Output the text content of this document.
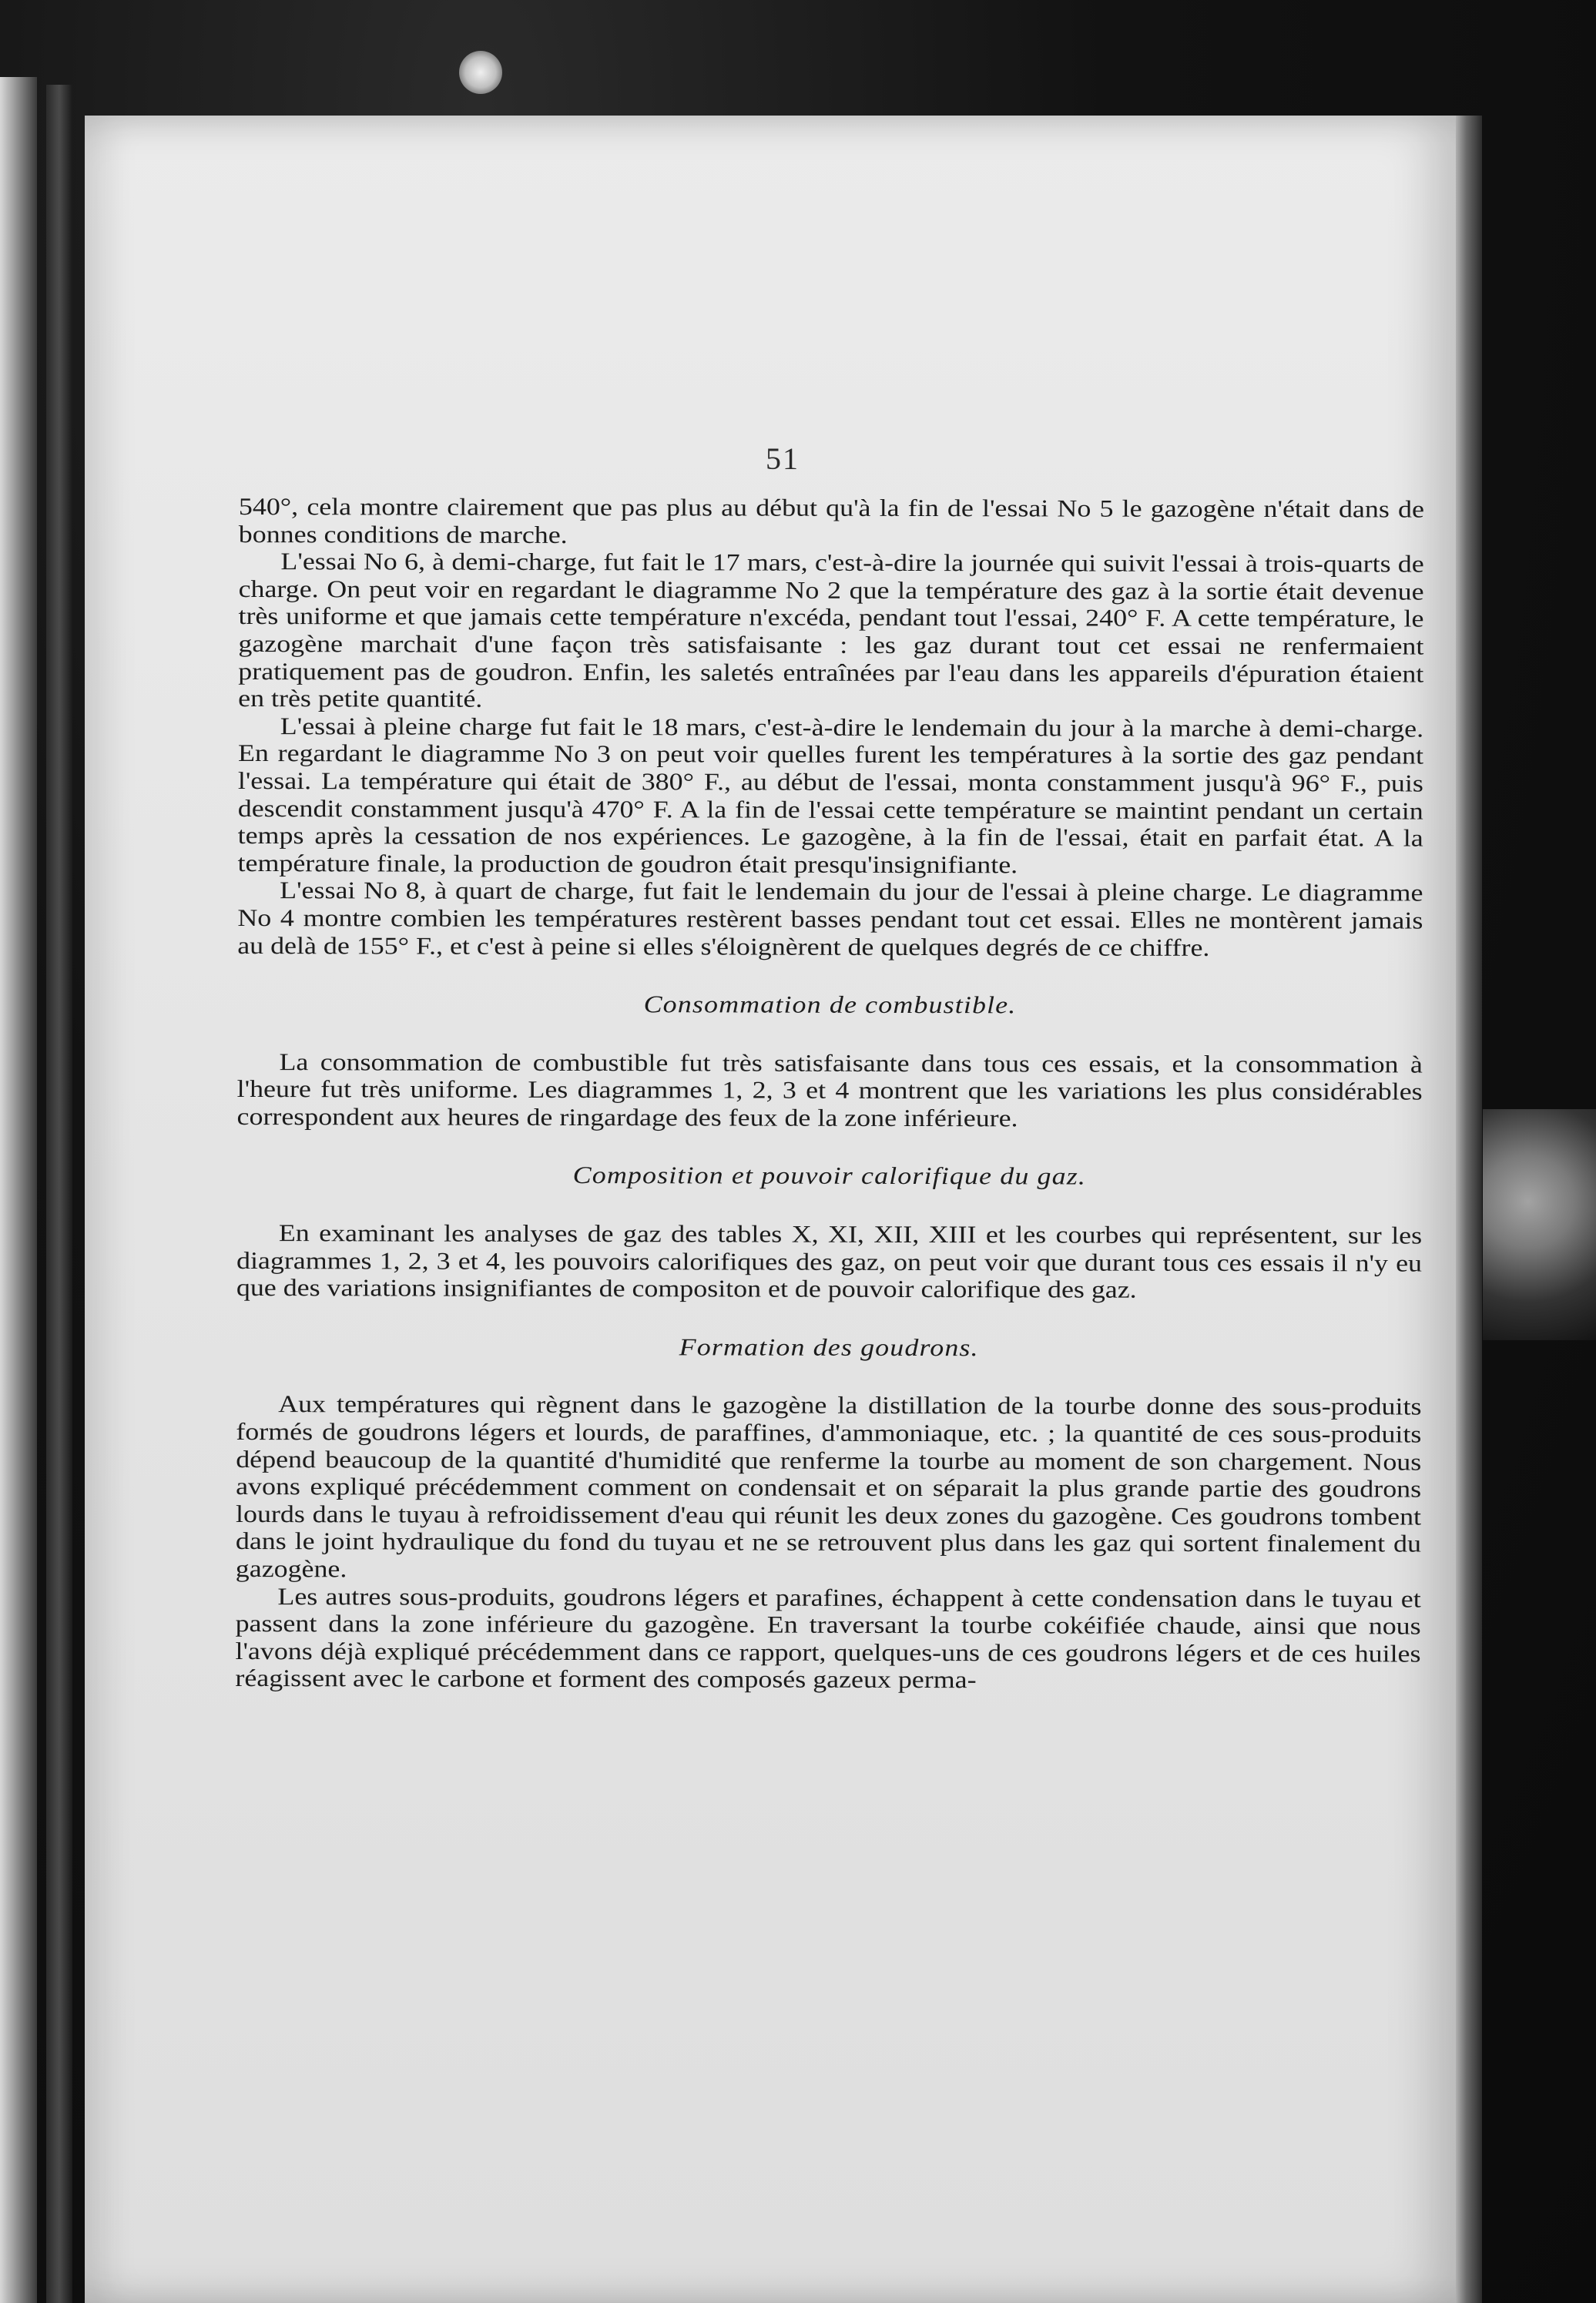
51

540°, cela montre clairement que pas plus au début qu'à la fin de l'essai No 5 le gazogène n'était dans de bonnes conditions de marche.

L'essai No 6, à demi-charge, fut fait le 17 mars, c'est-à-dire la journée qui suivit l'essai à trois-quarts de charge. On peut voir en regardant le diagramme No 2 que la température des gaz à la sortie était devenue très uniforme et que jamais cette température n'excéda, pendant tout l'essai, 240° F. A cette température, le gazogène marchait d'une façon très satisfaisante : les gaz durant tout cet essai ne renfermaient pratiquement pas de goudron. Enfin, les saletés entraînées par l'eau dans les appareils d'épuration étaient en très petite quantité.

L'essai à pleine charge fut fait le 18 mars, c'est-à-dire le lendemain du jour à la marche à demi-charge. En regardant le diagramme No 3 on peut voir quelles furent les températures à la sortie des gaz pendant l'essai. La température qui était de 380° F., au début de l'essai, monta constamment jusqu'à 96° F., puis descendit constamment jusqu'à 470° F. A la fin de l'essai cette température se maintint pendant un certain temps après la cessation de nos expériences. Le gazogène, à la fin de l'essai, était en parfait état. A la température finale, la production de goudron était presqu'insignifiante.

L'essai No 8, à quart de charge, fut fait le lendemain du jour de l'essai à pleine charge. Le diagramme No 4 montre combien les températures restèrent basses pendant tout cet essai. Elles ne montèrent jamais au delà de 155° F., et c'est à peine si elles s'éloignèrent de quelques degrés de ce chiffre.

Consommation de combustible.

La consommation de combustible fut très satisfaisante dans tous ces essais, et la consommation à l'heure fut très uniforme. Les diagrammes 1, 2, 3 et 4 montrent que les variations les plus considérables correspondent aux heures de ringardage des feux de la zone inférieure.

Composition et pouvoir calorifique du gaz.

En examinant les analyses de gaz des tables X, XI, XII, XIII et les courbes qui représentent, sur les diagrammes 1, 2, 3 et 4, les pouvoirs calorifiques des gaz, on peut voir que durant tous ces essais il n'y eu que des variations insignifiantes de compositon et de pouvoir calorifique des gaz.

Formation des goudrons.

Aux températures qui règnent dans le gazogène la distillation de la tourbe donne des sous-produits formés de goudrons légers et lourds, de paraffines, d'ammoniaque, etc. ; la quantité de ces sous-produits dépend beaucoup de la quantité d'humidité que renferme la tourbe au moment de son chargement. Nous avons expliqué précédemment comment on condensait et on séparait la plus grande partie des goudrons lourds dans le tuyau à refroidissement d'eau qui réunit les deux zones du gazogène. Ces goudrons tombent dans le joint hydraulique du fond du tuyau et ne se retrouvent plus dans les gaz qui sortent finalement du gazogène.

Les autres sous-produits, goudrons légers et parafines, échappent à cette condensation dans le tuyau et passent dans la zone inférieure du gazogène. En traversant la tourbe cokéifiée chaude, ainsi que nous l'avons déjà expliqué précédemment dans ce rapport, quelques-uns de ces goudrons légers et de ces huiles réagissent avec le carbone et forment des composés gazeux perma-
